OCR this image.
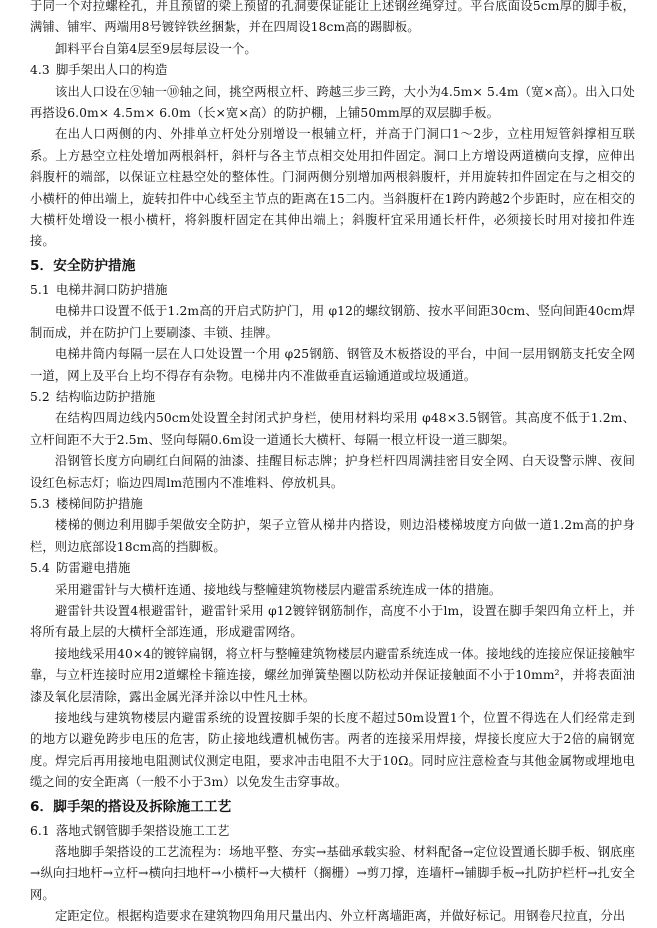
于同一个对拉螺栓孔，并且预留的梁上预留的孔洞要保证能让上述钢丝绳穿过。平台底面设5cm厚的脚手板，满铺、铺牢、两端用8号镀锌铁丝捆紮，并在四周设18cm高的踢脚板。

卸料平台自第4层至9层每层设一个。

4.3 脚手架出人口的构造

该出人口设在⑨轴一⑩轴之间，挑空两根立杆、跨越三步三跨，大小为4.5m× 5.4m（宽×高）。出入口处再搭设6.0m× 4.5m× 6.0m（长×宽×高）的防护棚，上铺50mm厚的双层脚手板。

在出人口两侧的内、外排单立杆处分别增设一根辅立杆，并高于门洞口1～2步，立柱用短管斜撑相互联系。上方悬空立柱处增加两根斜杆，斜杆与各主节点相交处用扣件固定。洞口上方增设两道横向支撑，应伸出斜腹杆的端部，以保证立柱悬空处的整体性。门洞两侧分别增加两根斜腹杆，并用旋转扣件固定在与之相交的小横杆的伸出端上，旋转扣件中心线至主节点的距离在15二内。当斜腹杆在1跨内跨越2个步距时，应在相交的大横杆处增设一根小横杆，将斜腹杆固定在其伸出端上；斜腹杆宜采用通长杆件，必须接长时用对接扣件连接。

5．安全防护措施
5.1 电梯井洞口防护措施

电梯井口设置不低于1.2m高的开启式防护门，用 φ12的螺纹钢筋、按水平间距30cm、竖向间距40cm焊制而成，并在防护门上要刷漆、丰锁、挂牌。

电梯井筒内每隔一层在人口处设置一个用 φ25钢筋、钢管及木板搭设的平台，中间一层用钢筋支托安全网一道，网上及平台上均不得存有杂物。电梯井内不准做垂直运输通道或垃圾通道。

5.2 结构临边防护措施

在结构四周边线内50cm处设置全封闭式护身栏，使用材料均采用 φ48×3.5钢管。其高度不低于1.2m、立杆间距不大于2.5m、竖向每隔0.6m设一道通长大横杆、每隔一根立杆设一道三脚架。

沿钢管长度方向刷红白间隔的油漆、挂醒目标志牌；护身栏杆四周满挂密目安全网、白天设警示牌、夜间设红色标志灯；临边四周lm范围内不准堆料、停放机具。

5.3 楼梯间防护措施

楼梯的侧边利用脚手架做安全防护，架子立管从梯井内搭设，则边沿楼梯坡度方向做一道1.2m高的护身栏，则边底部设18cm高的挡脚板。

5.4 防雷避电措施

采用避雷针与大横杆连通、接地线与整幢建筑物楼层内避雷系统连成一体的措施。

避雷针共设置4根避雷针，避雷针采用 φ12镀锌钢筋制作，高度不小于lm，设置在脚手架四角立杆上，并将所有最上层的大横杆全部连通，形成避雷网络。

接地线采用40×4的镀锌扁钢，将立杆与整幢建筑物楼层内避雷系统连成一体。接地线的连接应保证接触牢靠，与立杆连接时应用2道螺栓卡箍连接，螺丝加弹簧垫圈以防松动并保证接触面不小于10mm²，并将表面油漆及氧化层清除，露出金属光泽并涂以中性凡士林。

接地线与建筑物楼层内避雷系统的设置按脚手架的长度不超过50m设置1个，位置不得选在人们经常走到的地方以避免跨步电压的危害，防止接地线遭机械伤害。两者的连接采用焊接，焊接长度应大于2倍的扁钢宽度。焊完后再用接地电阻测试仪测定电阻，要求冲击电阻不大于10Ω。同时应注意检查与其他金属物或埋地电缆之间的安全距离（一般不小于3m）以免发生击穿事故。

6．脚手架的搭设及拆除施工工艺
6.1 落地式钢管脚手架搭设施工工艺

落地脚手架搭设的工艺流程为：场地平整、夯实→基础承载实验、材料配备→定位设置通长脚手板、钢底座→纵向扫地杆→立杆→横向扫地杆→小横杆→大横杆（搁栅）→剪刀撑，连墙杆→铺脚手板→扎防护栏杆→扎安全网。

定距定位。根据构造要求在建筑物四角用尺量出内、外立杆离墙距离，并做好标记。用钢卷尺拉直，分出
